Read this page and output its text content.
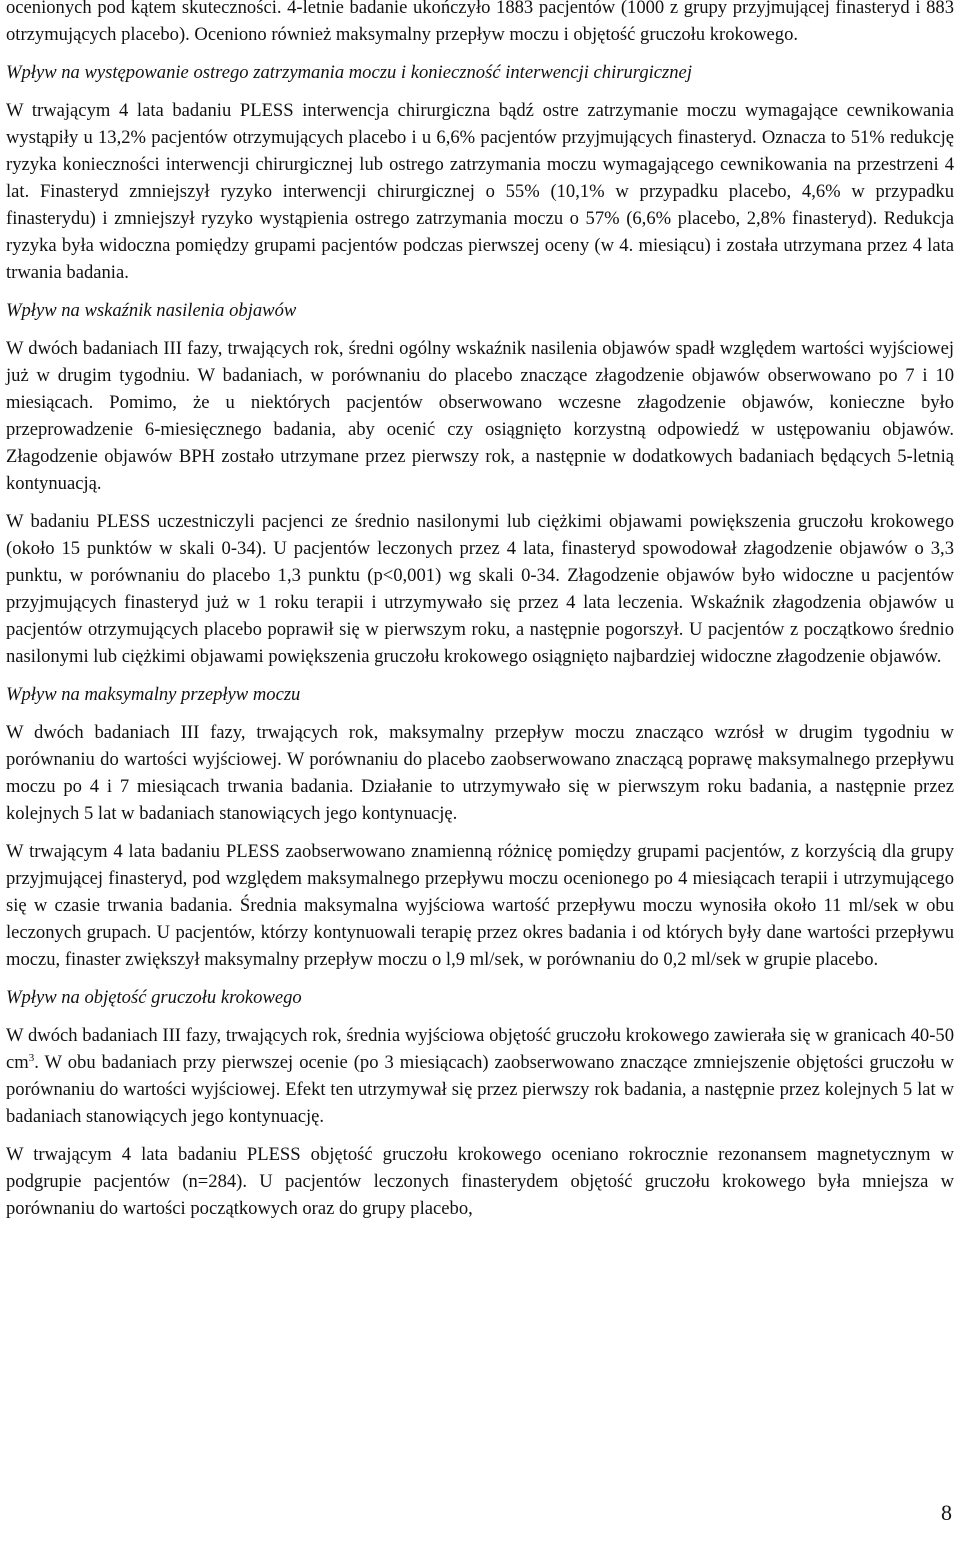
ocenionych pod kątem skuteczności. 4-letnie badanie ukończyło 1883 pacjentów (1000 z grupy przyjmującej finasteryd i 883 otrzymujących placebo). Oceniono również maksymalny przepływ moczu i objętość gruczołu krokowego.

Wpływ na występowanie ostrego zatrzymania moczu i konieczność interwencji chirurgicznej

W trwającym 4 lata badaniu PLESS interwencja chirurgiczna bądź ostre zatrzymanie moczu wymagające cewnikowania wystąpiły u 13,2% pacjentów otrzymujących placebo i u 6,6% pacjentów przyjmujących finasteryd. Oznacza to 51% redukcję ryzyka konieczności interwencji chirurgicznej lub ostrego zatrzymania moczu wymagającego cewnikowania na przestrzeni 4 lat. Finasteryd zmniejszył ryzyko interwencji chirurgicznej o 55% (10,1% w przypadku placebo, 4,6% w przypadku finasterydu) i zmniejszył ryzyko wystąpienia ostrego zatrzymania moczu o 57% (6,6% placebo, 2,8% finasteryd). Redukcja ryzyka była widoczna pomiędzy grupami pacjentów podczas pierwszej oceny (w 4. miesiącu) i została utrzymana przez 4 lata trwania badania.

Wpływ na wskaźnik nasilenia objawów

W dwóch badaniach III fazy, trwających rok, średni ogólny wskaźnik nasilenia objawów spadł względem wartości wyjściowej już w drugim tygodniu. W badaniach, w porównaniu do placebo znaczące złagodzenie objawów obserwowano po 7 i 10 miesiącach. Pomimo, że u niektórych pacjentów obserwowano wczesne złagodzenie objawów, konieczne było przeprowadzenie 6-miesięcznego badania, aby ocenić czy osiągnięto korzystną odpowiedź w ustępowaniu objawów. Złagodzenie objawów BPH zostało utrzymane przez pierwszy rok, a następnie w dodatkowych badaniach będących 5-letnią kontynuacją.

W badaniu PLESS uczestniczyli pacjenci ze średnio nasilonymi lub ciężkimi objawami powiększenia gruczołu krokowego (około 15 punktów w skali 0-34). U pacjentów leczonych przez 4 lata, finasteryd spowodował złagodzenie objawów o 3,3 punktu, w porównaniu do placebo 1,3 punktu (p<0,001) wg skali 0-34. Złagodzenie objawów było widoczne u pacjentów przyjmujących finasteryd już w 1 roku terapii i utrzymywało się przez 4 lata leczenia. Wskaźnik złagodzenia objawów u pacjentów otrzymujących placebo poprawił się w pierwszym roku, a następnie pogorszył. U pacjentów z początkowo średnio nasilonymi lub ciężkimi objawami powiększenia gruczołu krokowego osiągnięto najbardziej widoczne złagodzenie objawów.

Wpływ na maksymalny przepływ moczu

W dwóch badaniach III fazy, trwających rok, maksymalny przepływ moczu znacząco wzrósł w drugim tygodniu w porównaniu do wartości wyjściowej. W porównaniu do placebo zaobserwowano znaczącą poprawę maksymalnego przepływu moczu po 4 i 7 miesiącach trwania badania. Działanie to utrzymywało się w pierwszym roku badania, a następnie przez kolejnych 5 lat w badaniach stanowiących jego kontynuację.

W trwającym 4 lata badaniu PLESS zaobserwowano znamienną różnicę pomiędzy grupami pacjentów, z korzyścią dla grupy przyjmującej finasteryd, pod względem maksymalnego przepływu moczu ocenionego po 4 miesiącach terapii i utrzymującego się w czasie trwania badania. Średnia maksymalna wyjściowa wartość przepływu moczu wynosiła około 11 ml/sek w obu leczonych grupach. U pacjentów, którzy kontynuowali terapię przez okres badania i od których były dane wartości przepływu moczu, finaster zwiększył maksymalny przepływ moczu o l,9 ml/sek, w porównaniu do 0,2 ml/sek w grupie placebo.

Wpływ na objętość gruczołu krokowego

W dwóch badaniach III fazy, trwających rok, średnia wyjściowa objętość gruczołu krokowego zawierała się w granicach 40-50 $cm^3$. W obu badaniach przy pierwszej ocenie (po 3 miesiącach) zaobserwowano znaczące zmniejszenie objętości gruczołu w porównaniu do wartości wyjściowej. Efekt ten utrzymywał się przez pierwszy rok badania, a następnie przez kolejnych 5 lat w badaniach stanowiących jego kontynuację.

W trwającym 4 lata badaniu PLESS objętość gruczołu krokowego oceniano rokrocznie rezonansem magnetycznym w podgrupie pacjentów (n=284). U pacjentów leczonych finasterydem objętość gruczołu krokowego była mniejsza w porównaniu do wartości początkowych oraz do grupy placebo,

8
